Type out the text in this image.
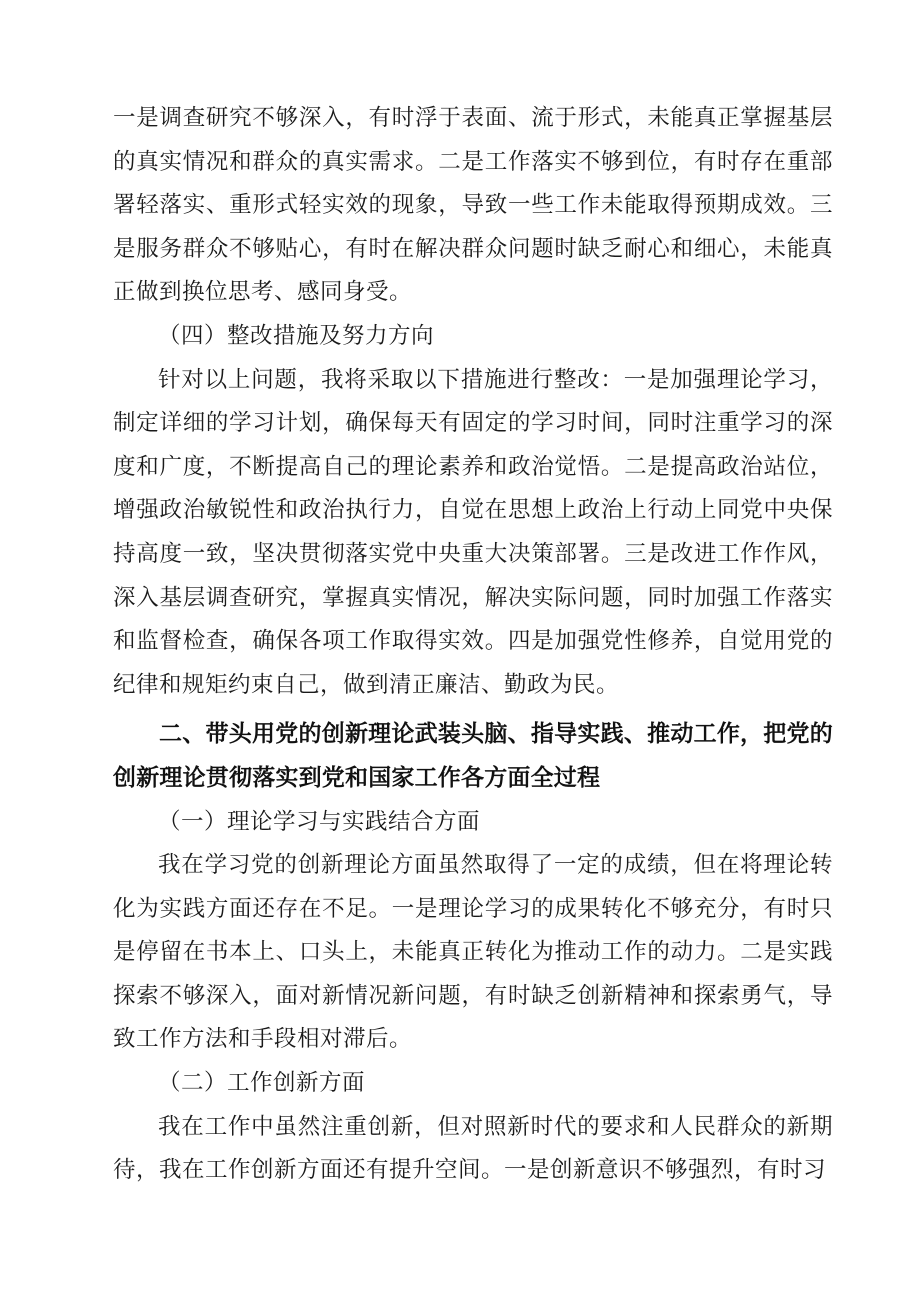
一是调查研究不够深入，有时浮于表面、流于形式，未能真正掌握基层的真实情况和群众的真实需求。二是工作落实不够到位，有时存在重部署轻落实、重形式轻实效的现象，导致一些工作未能取得预期成效。三是服务群众不够贴心，有时在解决群众问题时缺乏耐心和细心，未能真正做到换位思考、感同身受。

（四）整改措施及努力方向

针对以上问题，我将采取以下措施进行整改：一是加强理论学习，制定详细的学习计划，确保每天有固定的学习时间，同时注重学习的深度和广度，不断提高自己的理论素养和政治觉悟。二是提高政治站位，增强政治敏锐性和政治执行力，自觉在思想上政治上行动上同党中央保持高度一致，坚决贯彻落实党中央重大决策部署。三是改进工作作风，深入基层调查研究，掌握真实情况，解决实际问题，同时加强工作落实和监督检查，确保各项工作取得实效。四是加强党性修养，自觉用党的纪律和规矩约束自己，做到清正廉洁、勤政为民。

二、带头用党的创新理论武装头脑、指导实践、推动工作，把党的创新理论贯彻落实到党和国家工作各方面全过程

（一）理论学习与实践结合方面

我在学习党的创新理论方面虽然取得了一定的成绩，但在将理论转化为实践方面还存在不足。一是理论学习的成果转化不够充分，有时只是停留在书本上、口头上，未能真正转化为推动工作的动力。二是实践探索不够深入，面对新情况新问题，有时缺乏创新精神和探索勇气，导致工作方法和手段相对滞后。

（二）工作创新方面

我在工作中虽然注重创新，但对照新时代的要求和人民群众的新期待，我在工作创新方面还有提升空间。一是创新意识不够强烈，有时习
